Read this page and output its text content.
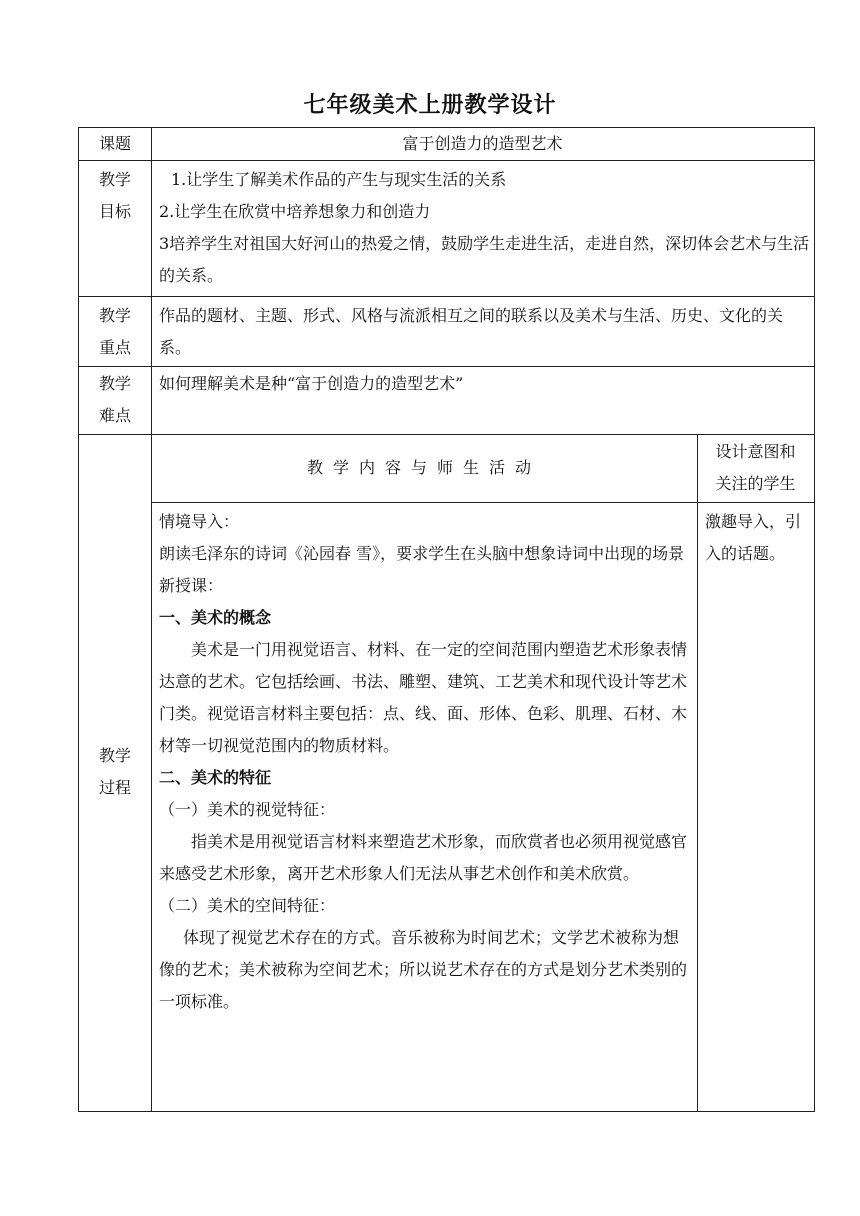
七年级美术上册教学设计
课题	富于创造力的造型艺术
教学
目标

1.让学生了解美术作品的产生与现实生活的关系

2.让学生在欣赏中培养想象力和创造力

3培养学生对祖国大好河山的热爱之情，鼓励学生走进生活，走进自然，深切体会艺术与生活的关系。

教学
重点
作品的题材、主题、形式、风格与流派相互之间的联系以及美术与生活、历史、文化的关系。
教学
难点
如何理解美术是种“富于创造力的造型艺术”
教学
过程
教学内容与师生活动
设计意图和
关注的学生

情境导入：

朗读毛泽东的诗词《沁园春 雪》，要求学生在头脑中想象诗词中出现的场景

新授课：

一、美术的概念

美术是一门用视觉语言、材料、在一定的空间范围内塑造艺术形象表情达意的艺术。它包括绘画、书法、雕塑、建筑、工艺美术和现代设计等艺术门类。视觉语言材料主要包括：点、线、面、形体、色彩、肌理、石材、木材等一切视觉范围内的物质材料。

二、美术的特征

（一）美术的视觉特征：

指美术是用视觉语言材料来塑造艺术形象，而欣赏者也必须用视觉感官来感受艺术形象，离开艺术形象人们无法从事艺术创作和美术欣赏。

（二）美术的空间特征：

体现了视觉艺术存在的方式。音乐被称为时间艺术；文学艺术被称为想像的艺术；美术被称为空间艺术；所以说艺术存在的方式是划分艺术类别的一项标准。

激趣导入，引入的话题。
